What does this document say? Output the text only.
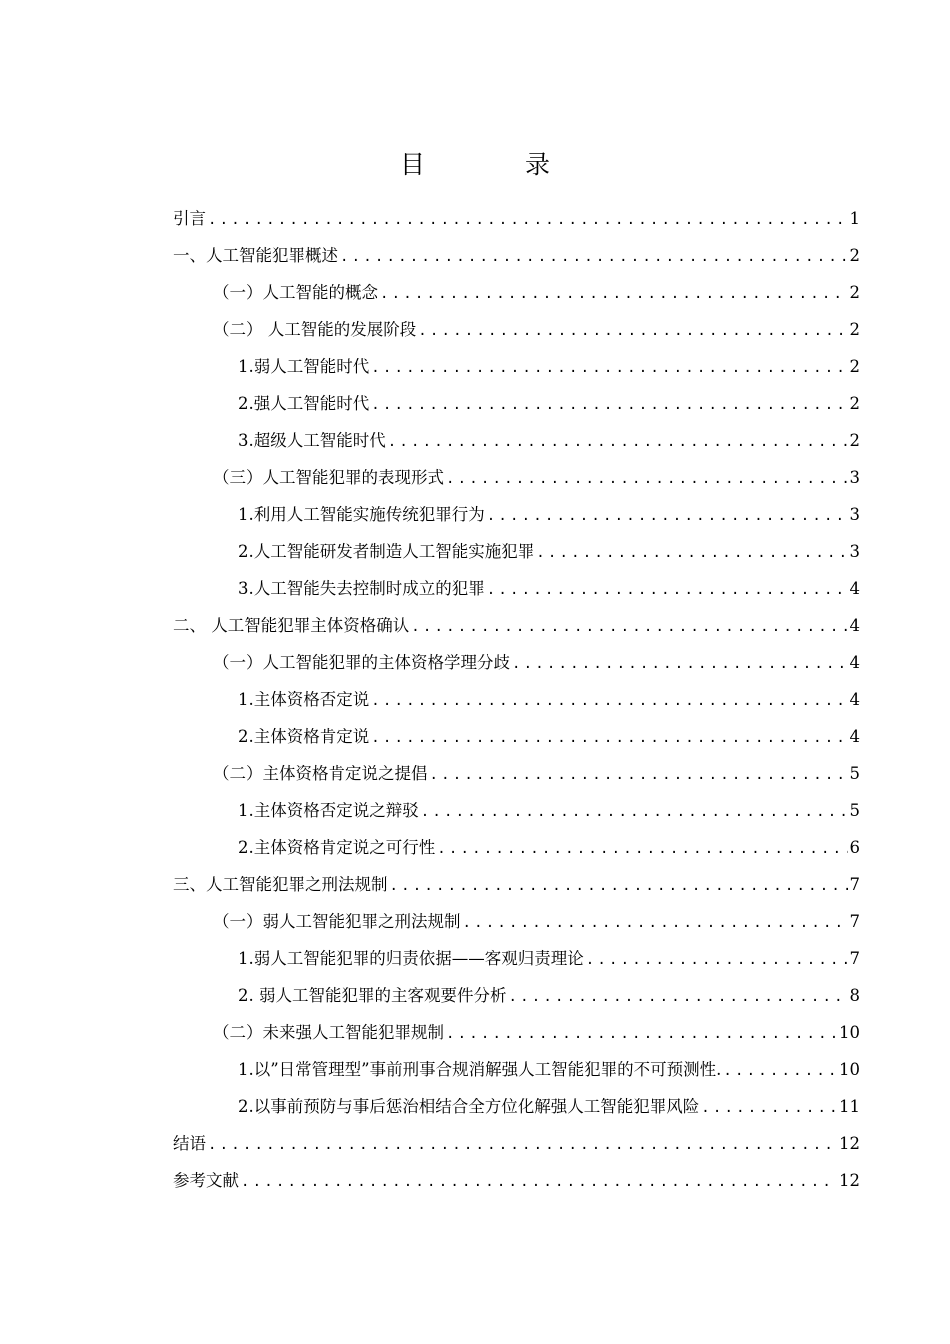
目 录
引言 .....	1
一、人工智能犯罪概述 .....	2
（一）人工智能的概念 .....	2
（二） 人工智能的发展阶段 .....	2
1.弱人工智能时代 .....	2
2.强人工智能时代 .....	2
3.超级人工智能时代 .....	2
（三）人工智能犯罪的表现形式 .....	3
1.利用人工智能实施传统犯罪行为 .....	3
2.人工智能研发者制造人工智能实施犯罪 .....	3
3.人工智能失去控制时成立的犯罪 .....	4
二、 人工智能犯罪主体资格确认 .....	4
（一）人工智能犯罪的主体资格学理分歧 .....	4
1.主体资格否定说 .....	4
2.主体资格肯定说 .....	4
（二）主体资格肯定说之提倡 .....	5
1.主体资格否定说之辩驳 .....	5
2.主体资格肯定说之可行性 .....	6
三、人工智能犯罪之刑法规制 .....	7
（一）弱人工智能犯罪之刑法规制 .....	7
1.弱人工智能犯罪的归责依据——客观归责理论 .....	7
2. 弱人工智能犯罪的主客观要件分析 .....	8
（二）未来强人工智能犯罪规制 .....	10
1.以”日常管理型”事前刑事合规消解强人工智能犯罪的不可预测性. .....	10
2.以事前预防与事后惩治相结合全方位化解强人工智能犯罪风险 .....	11
结语 .....	12
参考文献 .....	12
